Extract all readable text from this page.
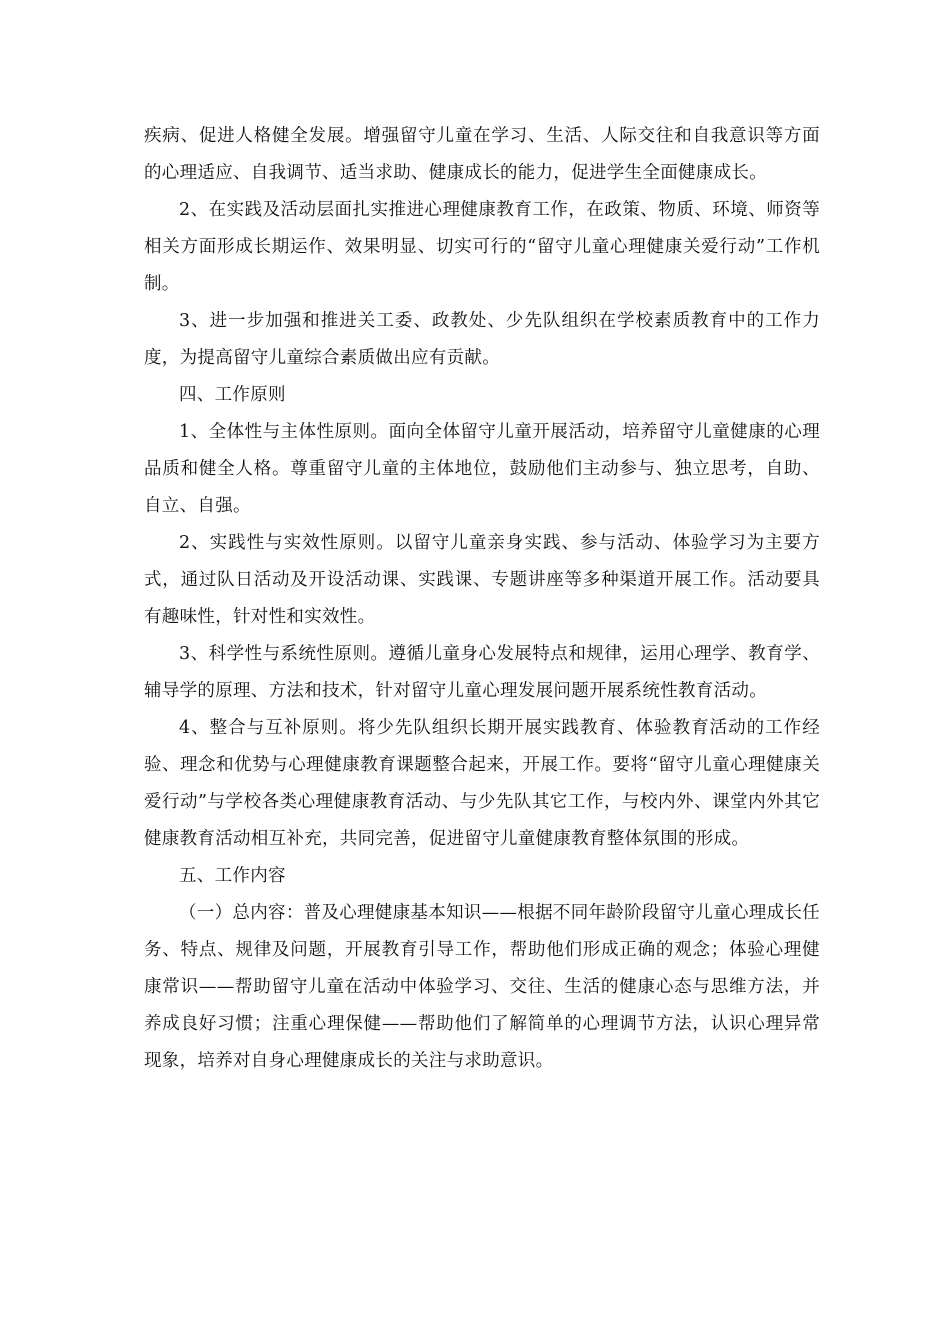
疾病、促进人格健全发展。增强留守儿童在学习、生活、人际交往和自我意识等方面的心理适应、自我调节、适当求助、健康成长的能力，促进学生全面健康成长。

2、在实践及活动层面扎实推进心理健康教育工作，在政策、物质、环境、师资等相关方面形成长期运作、效果明显、切实可行的“留守儿童心理健康关爱行动”工作机制。

3、进一步加强和推进关工委、政教处、少先队组织在学校素质教育中的工作力度，为提高留守儿童综合素质做出应有贡献。

四、工作原则

1、全体性与主体性原则。面向全体留守儿童开展活动，培养留守儿童健康的心理品质和健全人格。尊重留守儿童的主体地位，鼓励他们主动参与、独立思考，自助、自立、自强。

2、实践性与实效性原则。以留守儿童亲身实践、参与活动、体验学习为主要方式，通过队日活动及开设活动课、实践课、专题讲座等多种渠道开展工作。活动要具有趣味性，针对性和实效性。

3、科学性与系统性原则。遵循儿童身心发展特点和规律，运用心理学、教育学、辅导学的原理、方法和技术，针对留守儿童心理发展问题开展系统性教育活动。

4、整合与互补原则。将少先队组织长期开展实践教育、体验教育活动的工作经验、理念和优势与心理健康教育课题整合起来，开展工作。要将“留守儿童心理健康关爱行动”与学校各类心理健康教育活动、与少先队其它工作，与校内外、课堂内外其它健康教育活动相互补充，共同完善，促进留守儿童健康教育整体氛围的形成。

五、工作内容

（一）总内容：普及心理健康基本知识——根据不同年龄阶段留守儿童心理成长任务、特点、规律及问题，开展教育引导工作，帮助他们形成正确的观念；体验心理健康常识——帮助留守儿童在活动中体验学习、交往、生活的健康心态与思维方法，并养成良好习惯；注重心理保健——帮助他们了解简单的心理调节方法，认识心理异常现象，培养对自身心理健康成长的关注与求助意识。
